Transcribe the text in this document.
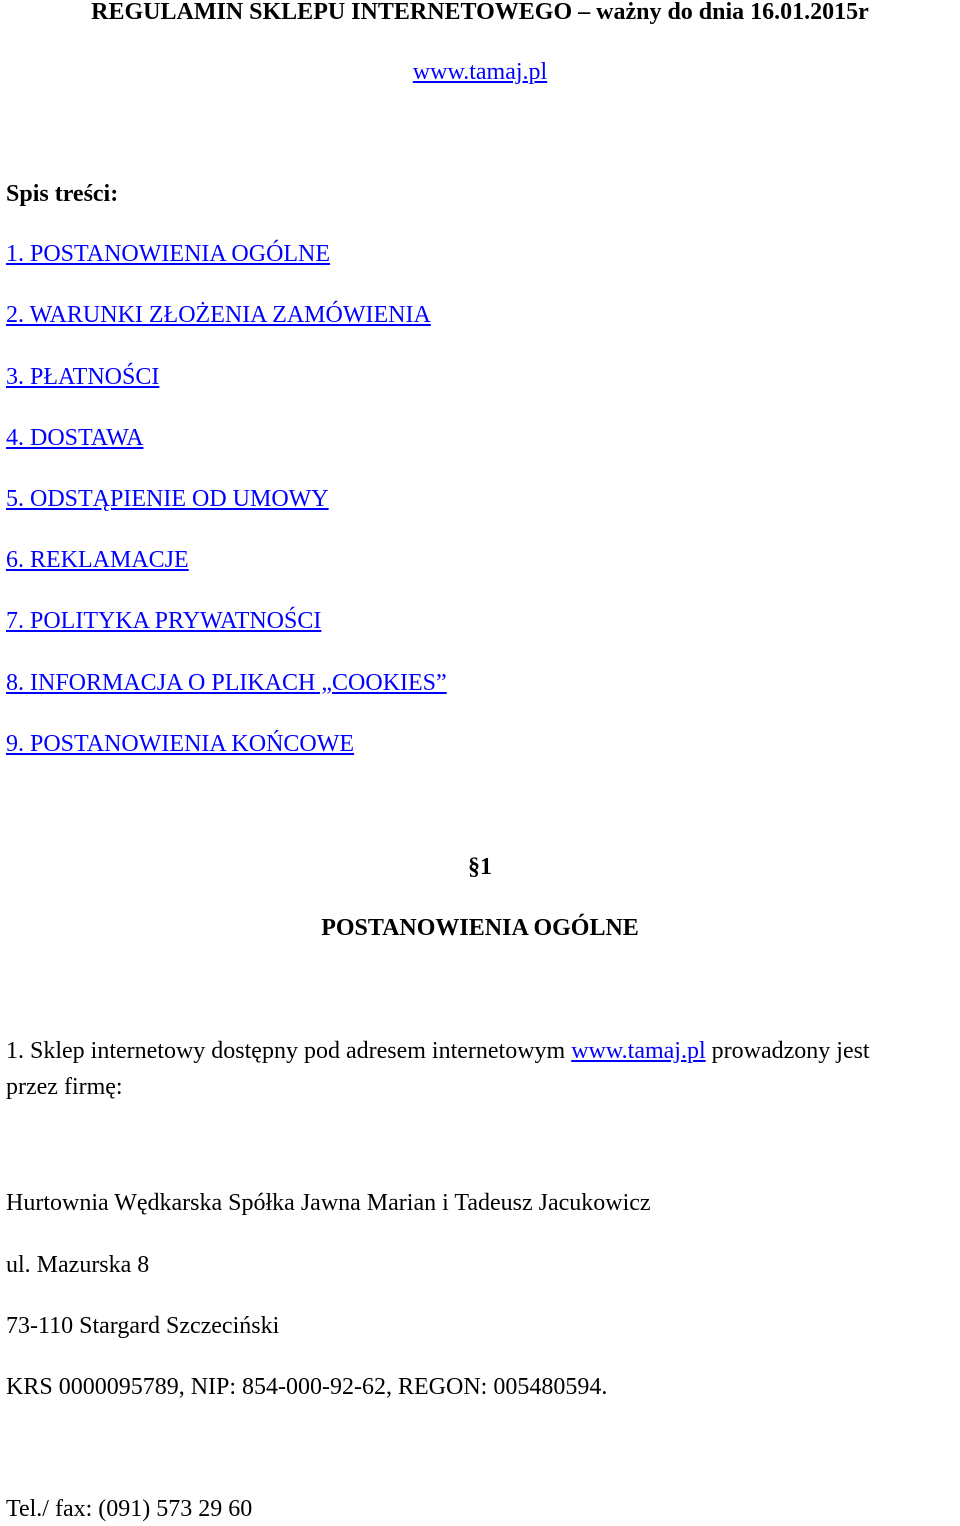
REGULAMIN SKLEPU INTERNETOWEGO – ważny do dnia 16.01.2015r
www.tamaj.pl
Spis treści:
1. POSTANOWIENIA OGÓLNE
2. WARUNKI ZŁOŻENIA ZAMÓWIENIA
3. PŁATNOŚCI
4. DOSTAWA
5. ODSTĄPIENIE OD UMOWY
6. REKLAMACJE
7. POLITYKA PRYWATNOŚCI
8. INFORMACJA O PLIKACH „COOKIES”
9. POSTANOWIENIA KOŃCOWE
§1
POSTANOWIENIA OGÓLNE
1. Sklep internetowy dostępny pod adresem internetowym www.tamaj.pl prowadzony jest
przez firmę:
Hurtownia Wędkarska Spółka Jawna Marian i Tadeusz Jacukowicz
ul. Mazurska 8
73-110 Stargard Szczeciński
KRS 0000095789, NIP: 854-000-92-62, REGON: 005480594.
Tel./ fax: (091) 573 29 60
